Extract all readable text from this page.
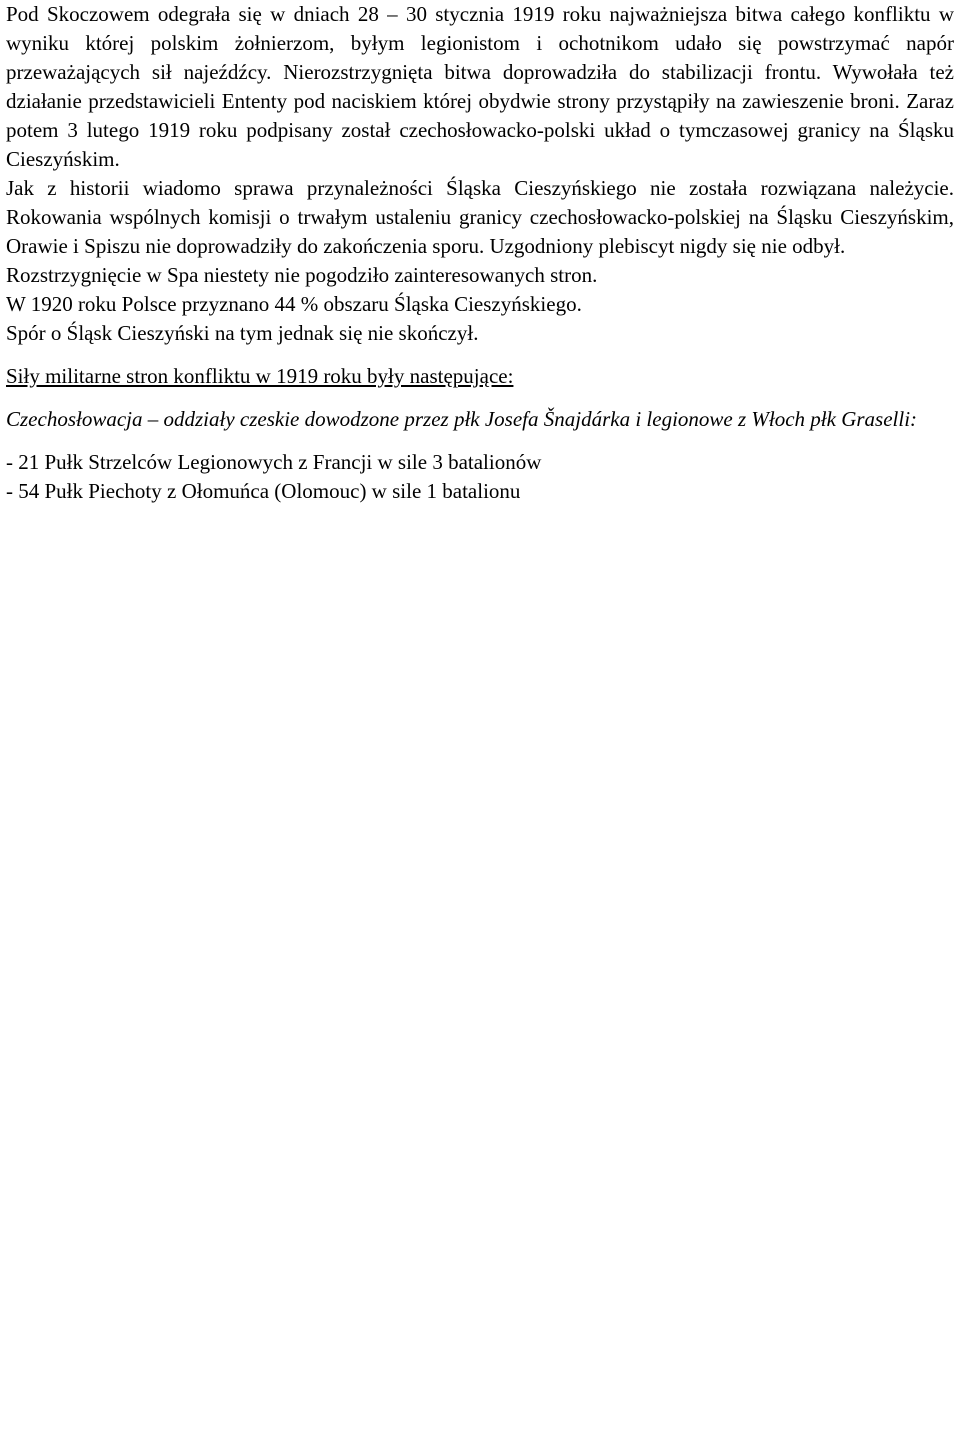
Pod Skoczowem odegrała się w dniach 28 – 30 stycznia 1919 roku najważniejsza bitwa całego konfliktu w wyniku której polskim żołnierzom, byłym legionistom i ochotnikom udało się powstrzymać napór przeważających sił najeźdźcy. Nierozstrzygnięta bitwa doprowadziła do stabilizacji frontu. Wywołała też działanie przedstawicieli Ententy pod naciskiem której obydwie strony przystąpiły na zawieszenie broni. Zaraz potem 3 lutego 1919 roku podpisany został czechosłowacko-polski układ o tymczasowej granicy na Śląsku Cieszyńskim.

Jak z historii wiadomo sprawa przynależności Śląska Cieszyńskiego nie została rozwiązana należycie. Rokowania wspólnych komisji o trwałym ustaleniu granicy czechosłowacko-polskiej na Śląsku Cieszyńskim, Orawie i Spiszu nie doprowadziły do zakończenia sporu. Uzgodniony plebiscyt nigdy się nie odbył.

Rozstrzygnięcie w Spa niestety nie pogodziło zainteresowanych stron.

W 1920 roku Polsce przyznano 44 % obszaru Śląska Cieszyńskiego.

Spór o Śląsk Cieszyński na tym jednak się nie skończył.

Siły militarne stron konfliktu w 1919 roku były następujące:

Czechosłowacja – oddziały czeskie dowodzone przez płk Josefa Šnajdárka i legionowe z Włoch płk Graselli:

- 21 Pułk Strzelców Legionowych z Francji w sile 3 batalionów
- 54 Pułk Piechoty z Ołomuńca (Olomouc) w sile 1 batalionu
